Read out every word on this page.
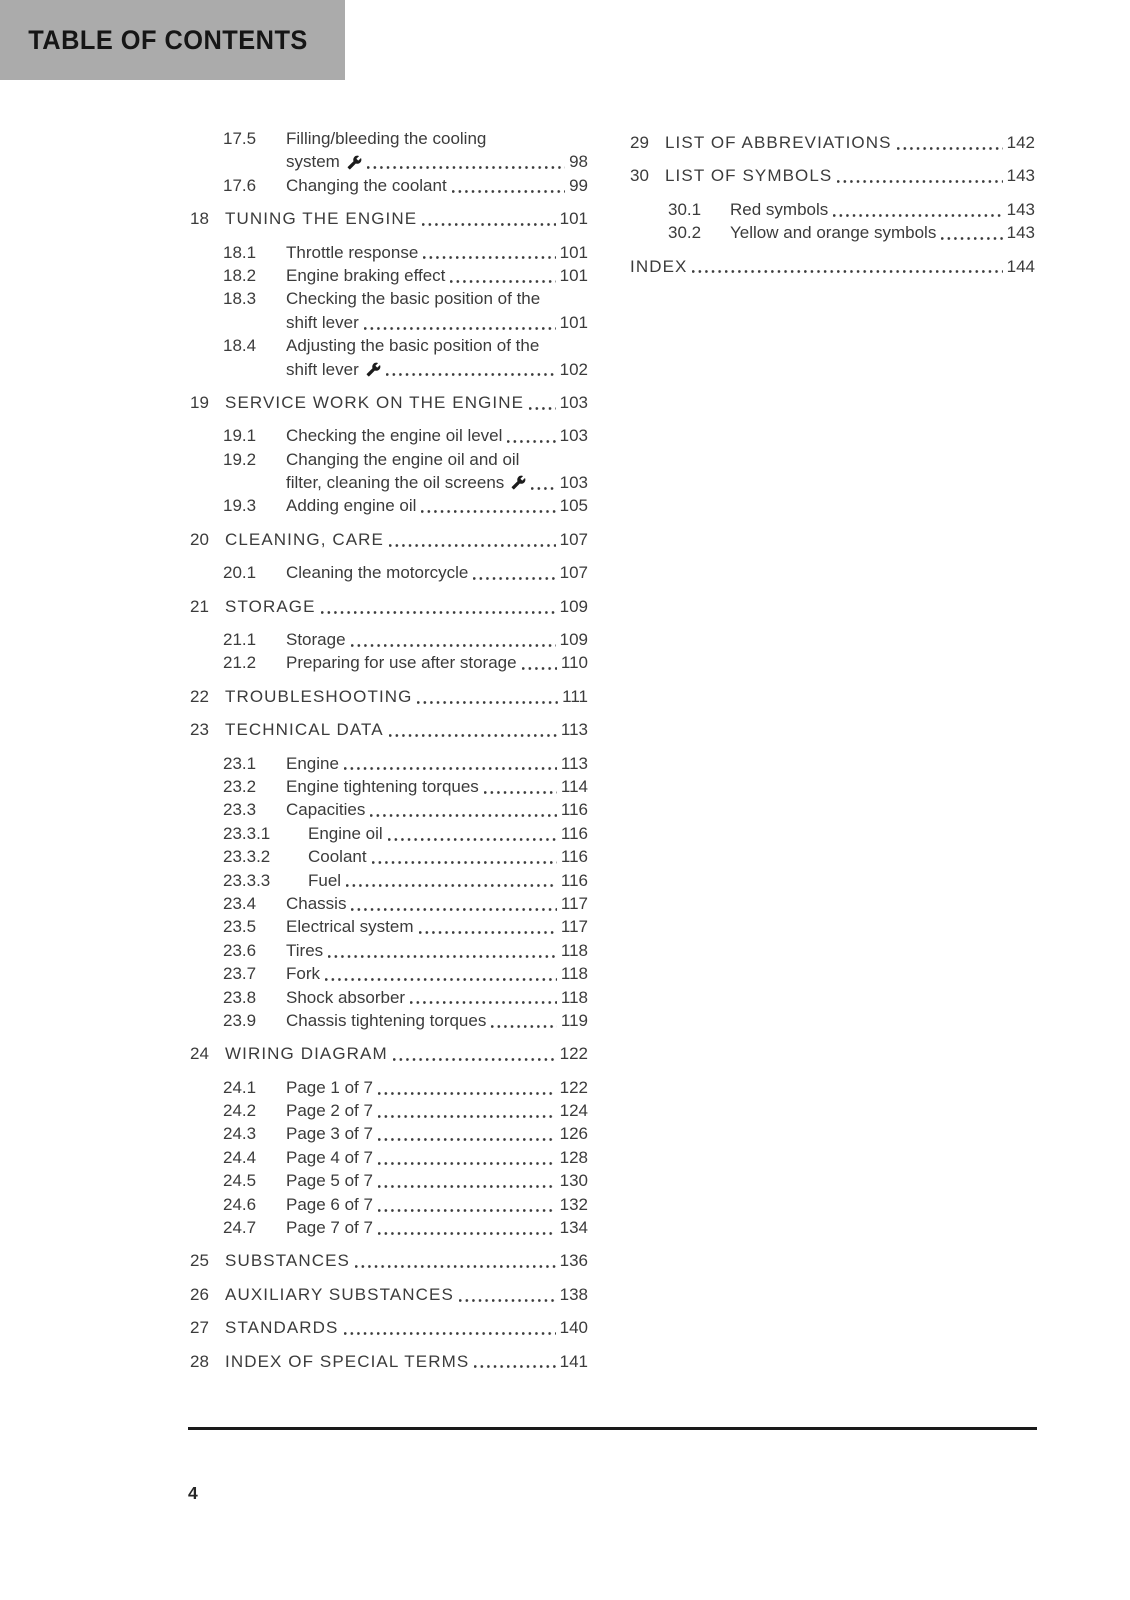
TABLE OF CONTENTS
17.5	Filling/bleeding the cooling
system	98
17.6	Changing the coolant	99
18 TUNING THE ENGINE	101
18.1	Throttle response	101
18.2	Engine braking effect	101
18.3	Checking the basic position of the
shift lever	101
18.4	Adjusting the basic position of the
shift lever	102
19 SERVICE WORK ON THE ENGINE 103
19.1	Checking the engine oil level	103
19.2	Changing the engine oil and oil
filter, cleaning the oil screens	103
19.3	Adding engine oil	105
20 CLEANING, CARE	107
20.1	Cleaning the motorcycle	107
21 STORAGE	109
21.1	Storage	109
21.2	Preparing for use after storage	110
22 TROUBLESHOOTING	111
23 TECHNICAL DATA	113
23.1	Engine	113
23.2	Engine tightening torques	114
23.3	Capacities	116
23.3.1	Engine oil	116
23.3.2	Coolant	116
23.3.3	Fuel	116
23.4	Chassis	117
23.5	Electrical system	117
23.6	Tires	118
23.7	Fork	118
23.8	Shock absorber	118
23.9	Chassis tightening torques	119
24 WIRING DIAGRAM	122
24.1	Page 1 of 7	122
24.2	Page 2 of 7	124
24.3	Page 3 of 7	126
24.4	Page 4 of 7	128
24.5	Page 5 of 7	130
24.6	Page 6 of 7	132
24.7	Page 7 of 7	134
25 SUBSTANCES	136
26 AUXILIARY SUBSTANCES	138
27 STANDARDS	140
28 INDEX OF SPECIAL TERMS	141
29 LIST OF ABBREVIATIONS	142
30 LIST OF SYMBOLS	143
30.1	Red symbols	143
30.2	Yellow and orange symbols	143
INDEX	144
4
